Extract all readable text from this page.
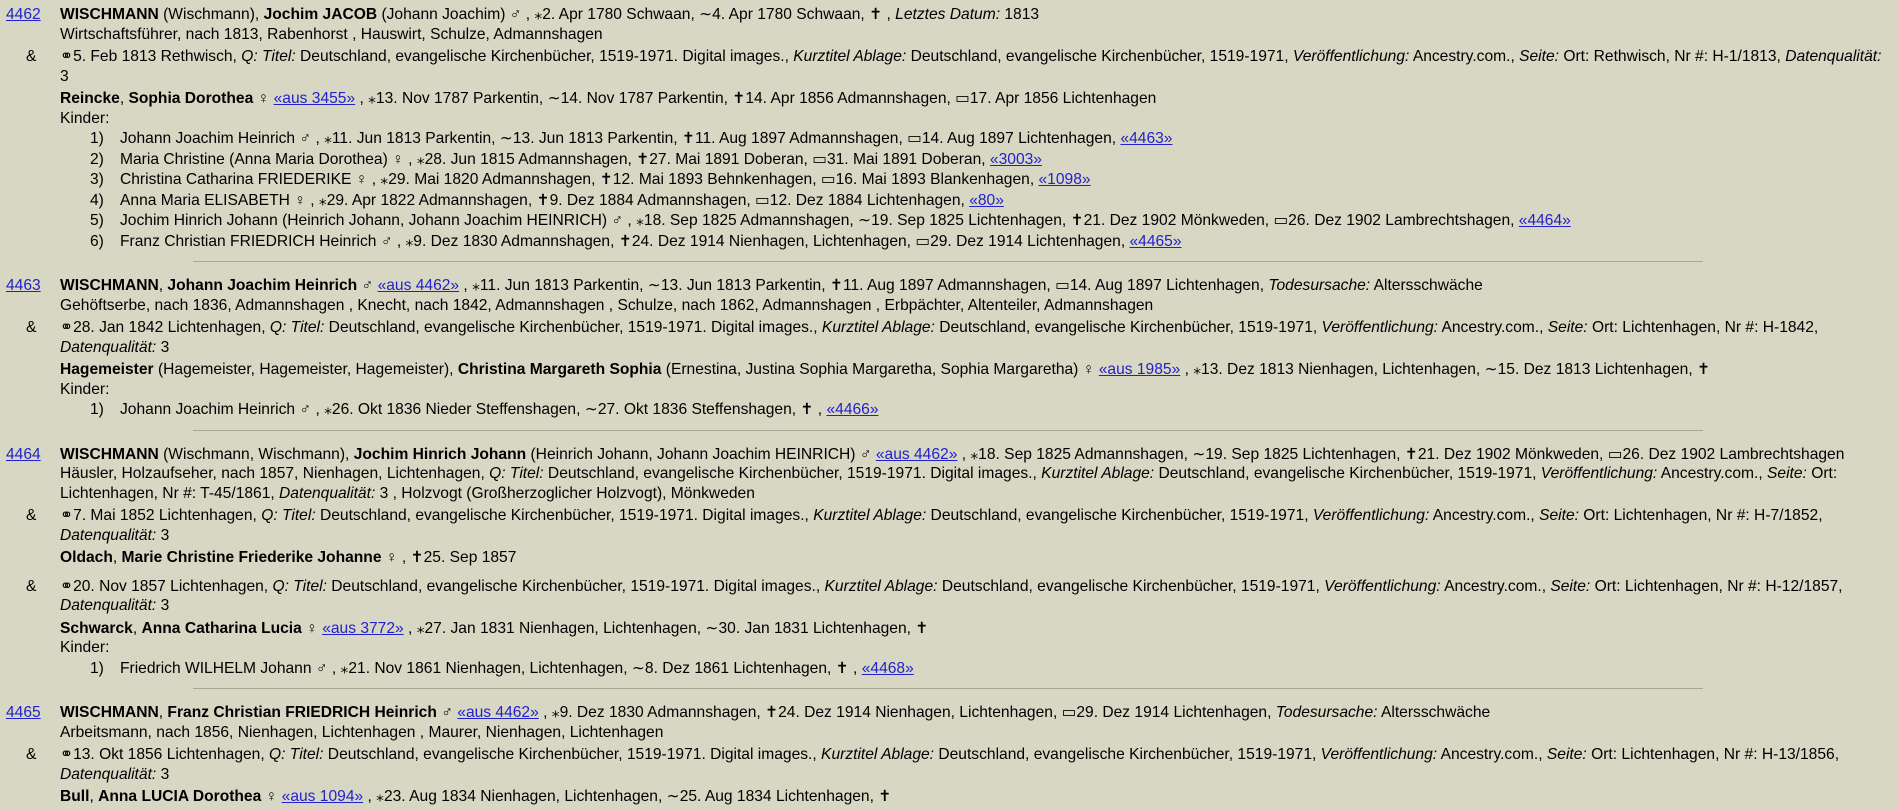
4462	WISCHMANN (Wischmann), Jochim JACOB (Johann Joachim) ♂ , ⁎2. Apr 1780 Schwaan, ∼4. Apr 1780 Schwaan, ✝ , Letztes Datum: 1813
Wirtschaftsführer, nach 1813, Rabenhorst , Hauswirt, Schulze, Admannshagen
& ⚭5. Feb 1813 Rethwisch, Q: Titel: Deutschland, evangelische Kirchenbücher, 1519-1971. Digital images., Kurztitel Ablage: Deutschland, evangelische Kirchenbücher, 1519-1971, Veröffentlichung: Ancestry.com., Seite: Ort: Rethwisch, Nr #: H-1/1813, Datenqualität: 3
Reincke, Sophia Dorothea ♀ «aus 3455» , ⁎13. Nov 1787 Parkentin, ∼14. Nov 1787 Parkentin, ✝14. Apr 1856 Admannshagen, ▭17. Apr 1856 Lichtenhagen
Kinder:
1) Johann Joachim Heinrich ♂ , ⁎11. Jun 1813 Parkentin, ∼13. Jun 1813 Parkentin, ✝11. Aug 1897 Admannshagen, ▭14. Aug 1897 Lichtenhagen, «4463»
2) Maria Christine (Anna Maria Dorothea) ♀ , ⁎28. Jun 1815 Admannshagen, ✝27. Mai 1891 Doberan, ▭31. Mai 1891 Doberan, «3003»
3) Christina Catharina FRIEDERIKE ♀ , ⁎29. Mai 1820 Admannshagen, ✝12. Mai 1893 Behnkenhagen, ▭16. Mai 1893 Blankenhagen, «1098»
4) Anna Maria ELISABETH ♀ , ⁎29. Apr 1822 Admannshagen, ✝9. Dez 1884 Admannshagen, ▭12. Dez 1884 Lichtenhagen, «80»
5) Jochim Hinrich Johann (Heinrich Johann, Johann Joachim HEINRICH) ♂ , ⁎18. Sep 1825 Admannshagen, ∼19. Sep 1825 Lichtenhagen, ✝21. Dez 1902 Mönkweden, ▭26. Dez 1902 Lambrechtshagen, «4464»
6) Franz Christian FRIEDRICH Heinrich ♂ , ⁎9. Dez 1830 Admannshagen, ✝24. Dez 1914 Nienhagen, Lichtenhagen, ▭29. Dez 1914 Lichtenhagen, «4465»
4463	WISCHMANN, Johann Joachim Heinrich ♂ «aus 4462» , ⁎11. Jun 1813 Parkentin, ∼13. Jun 1813 Parkentin, ✝11. Aug 1897 Admannshagen, ▭14. Aug 1897 Lichtenhagen, Todesursache: Altersschwäche
Gehöftserbe, nach 1836, Admannshagen , Knecht, nach 1842, Admannshagen , Schulze, nach 1862, Admannshagen , Erbpächter, Altenteiler, Admannshagen
& ⚭28. Jan 1842 Lichtenhagen, Q: Titel: Deutschland, evangelische Kirchenbücher, 1519-1971. Digital images., Kurztitel Ablage: Deutschland, evangelische Kirchenbücher, 1519-1971, Veröffentlichung: Ancestry.com., Seite: Ort: Lichtenhagen, Nr #: H-1842, Datenqualität: 3
Hagemeister (Hagemeister, Hagemeister, Hagemeister), Christina Margareth Sophia (Ernestina, Justina Sophia Margaretha, Sophia Margaretha) ♀ «aus 1985» , ⁎13. Dez 1813 Nienhagen, Lichtenhagen, ∼15. Dez 1813 Lichtenhagen, ✝
Kinder:
1) Johann Joachim Heinrich ♂ , ⁎26. Okt 1836 Nieder Steffenshagen, ∼27. Okt 1836 Steffenshagen, ✝ , «4466»
4464	WISCHMANN (Wischmann, Wischmann), Jochim Hinrich Johann (Heinrich Johann, Johann Joachim HEINRICH) ♂ «aus 4462» , ⁎18. Sep 1825 Admannshagen, ∼19. Sep 1825 Lichtenhagen, ✝21. Dez 1902 Mönkweden, ▭26. Dez 1902 Lambrechtshagen
Häusler, Holzaufseher, nach 1857, Nienhagen, Lichtenhagen, Q: Titel: Deutschland, evangelische Kirchenbücher, 1519-1971. Digital images., Kurztitel Ablage: Deutschland, evangelische Kirchenbücher, 1519-1971, Veröffentlichung: Ancestry.com., Seite: Ort: Lichtenhagen, Nr #: T-45/1861, Datenqualität: 3 , Holzvogt (Großherzoglicher Holzvogt), Mönkweden
& ⚭7. Mai 1852 Lichtenhagen, Q: Titel: Deutschland, evangelische Kirchenbücher, 1519-1971. Digital images., Kurztitel Ablage: Deutschland, evangelische Kirchenbücher, 1519-1971, Veröffentlichung: Ancestry.com., Seite: Ort: Lichtenhagen, Nr #: H-7/1852, Datenqualität: 3
Oldach, Marie Christine Friederike Johanne ♀ , ✝25. Sep 1857
& ⚭20. Nov 1857 Lichtenhagen, Q: Titel: Deutschland, evangelische Kirchenbücher, 1519-1971. Digital images., Kurztitel Ablage: Deutschland, evangelische Kirchenbücher, 1519-1971, Veröffentlichung: Ancestry.com., Seite: Ort: Lichtenhagen, Nr #: H-12/1857, Datenqualität: 3
Schwarck, Anna Catharina Lucia ♀ «aus 3772» , ⁎27. Jan 1831 Nienhagen, Lichtenhagen, ∼30. Jan 1831 Lichtenhagen, ✝
Kinder:
1) Friedrich WILHELM Johann ♂ , ⁎21. Nov 1861 Nienhagen, Lichtenhagen, ∼8. Dez 1861 Lichtenhagen, ✝ , «4468»
4465	WISCHMANN, Franz Christian FRIEDRICH Heinrich ♂ «aus 4462» , ⁎9. Dez 1830 Admannshagen, ✝24. Dez 1914 Nienhagen, Lichtenhagen, ▭29. Dez 1914 Lichtenhagen, Todesursache: Altersschwäche
Arbeitsmann, nach 1856, Nienhagen, Lichtenhagen , Maurer, Nienhagen, Lichtenhagen
& ⚭13. Okt 1856 Lichtenhagen, Q: Titel: Deutschland, evangelische Kirchenbücher, 1519-1971. Digital images., Kurztitel Ablage: Deutschland, evangelische Kirchenbücher, 1519-1971, Veröffentlichung: Ancestry.com., Seite: Ort: Lichtenhagen, Nr #: H-13/1856, Datenqualität: 3
Bull, Anna LUCIA Dorothea ♀ «aus 1094» , ⁎23. Aug 1834 Nienhagen, Lichtenhagen, ∼25. Aug 1834 Lichtenhagen, ✝
